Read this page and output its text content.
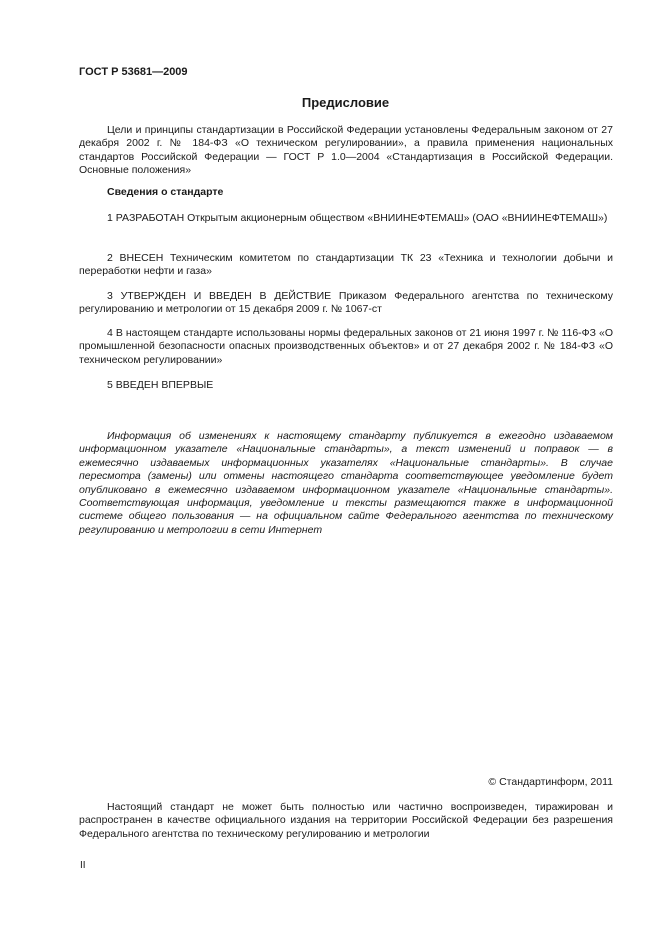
ГОСТ Р 53681—2009
Предисловие

Цели и принципы стандартизации в Российской Федерации установлены Федеральным законом от 27 декабря 2002 г. № 184-ФЗ «О техническом регулировании», а правила применения национальных стандартов Российской Федерации — ГОСТ Р 1.0—2004 «Стандартизация в Российской Федерации. Основные положения»

Сведения о стандарте

1 РАЗРАБОТАН Открытым акционерным обществом «ВНИИНЕФТЕМАШ» (ОАО «ВНИИНЕФТЕМАШ»)

2 ВНЕСЕН Техническим комитетом по стандартизации ТК 23 «Техника и технологии добычи и переработки нефти и газа»

3 УТВЕРЖДЕН И ВВЕДЕН В ДЕЙСТВИЕ Приказом Федерального агентства по техническому регулированию и метрологии от 15 декабря 2009 г. № 1067-ст

4 В настоящем стандарте использованы нормы федеральных законов от 21 июня 1997 г. № 116-ФЗ «О промышленной безопасности опасных производственных объектов» и от 27 декабря 2002 г. № 184-ФЗ «О техническом регулировании»

5 ВВЕДЕН ВПЕРВЫЕ

Информация об изменениях к настоящему стандарту публикуется в ежегодно издаваемом информационном указателе «Национальные стандарты», а текст изменений и поправок — в ежемесячно издаваемых информационных указателях «Национальные стандарты». В случае пересмотра (замены) или отмены настоящего стандарта соответствующее уведомление будет опубликовано в ежемесячно издаваемом информационном указателе «Национальные стандарты». Соответствующая информация, уведомление и тексты размещаются также в информационной системе общего пользования — на официальном сайте Федерального агентства по техническому регулированию и метрологии в сети Интернет

© Стандартинформ, 2011

Настоящий стандарт не может быть полностью или частично воспроизведен, тиражирован и распространен в качестве официального издания на территории Российской Федерации без разрешения Федерального агентства по техническому регулированию и метрологии

II
